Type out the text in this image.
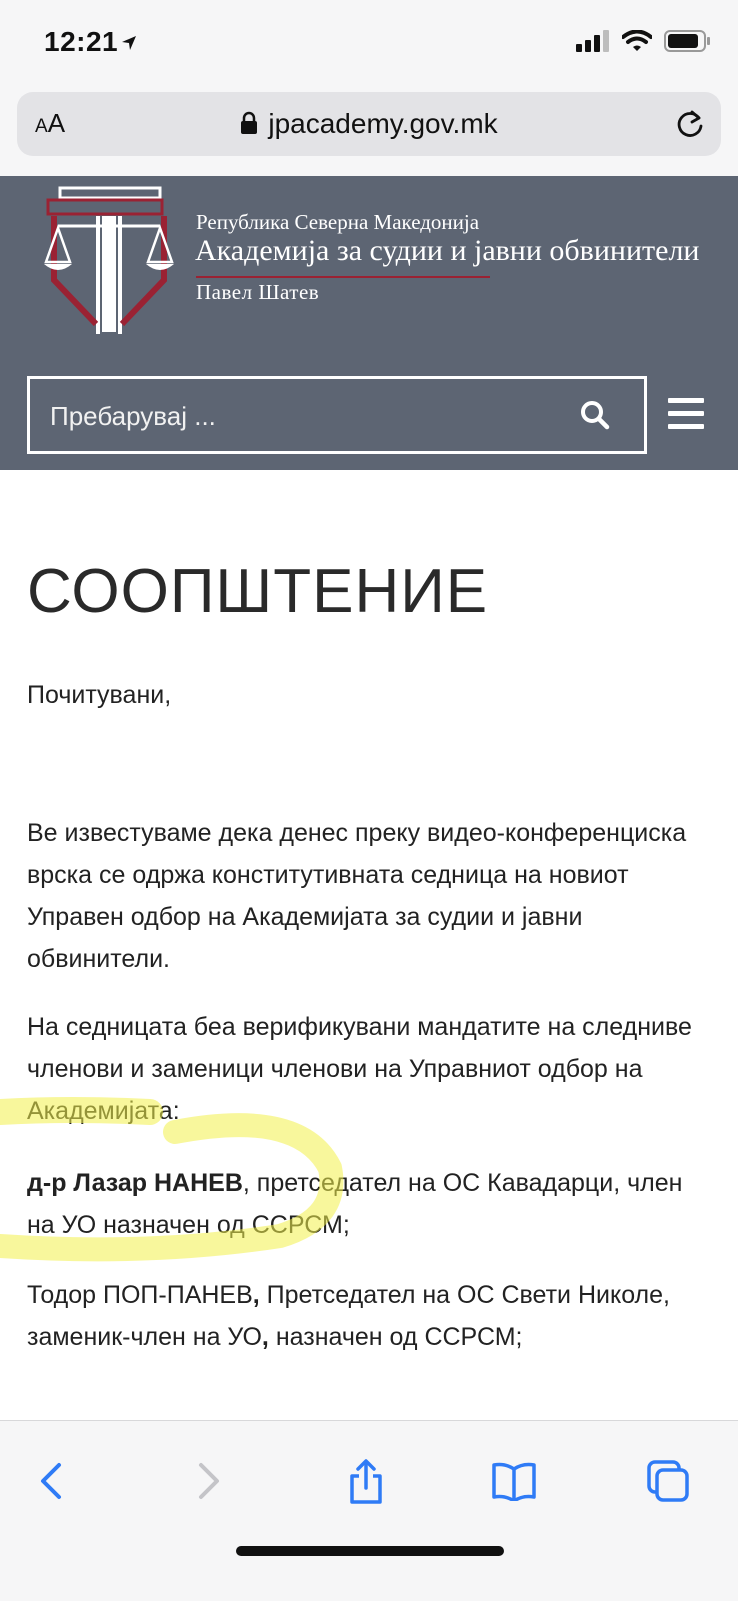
12:21
AA	jpacademy.gov.mk
Република Северна Македонија
Академија за судии и јавни обвинители
Павел Шатев
Пребарувај ...
СООПШТЕНИЕ

Почитувани,

Ве известуваме дека денес преку видео-конференциска врска се одржа конститутивната седница на новиот Управен одбор на Академијата за судии и јавни обвинители.

На седницата беа верификувани мандатите на следниве членови и заменици членови на Управниот одбор на Академијата:

д-р Лазар НАНЕВ, претседател на ОС Кавадарци, член на УО назначен од ССРСМ;

Тодор ПОП-ПАНЕВ, Претседател на ОС Свети Николе, заменик-член на УО, назначен од ССРСМ;
